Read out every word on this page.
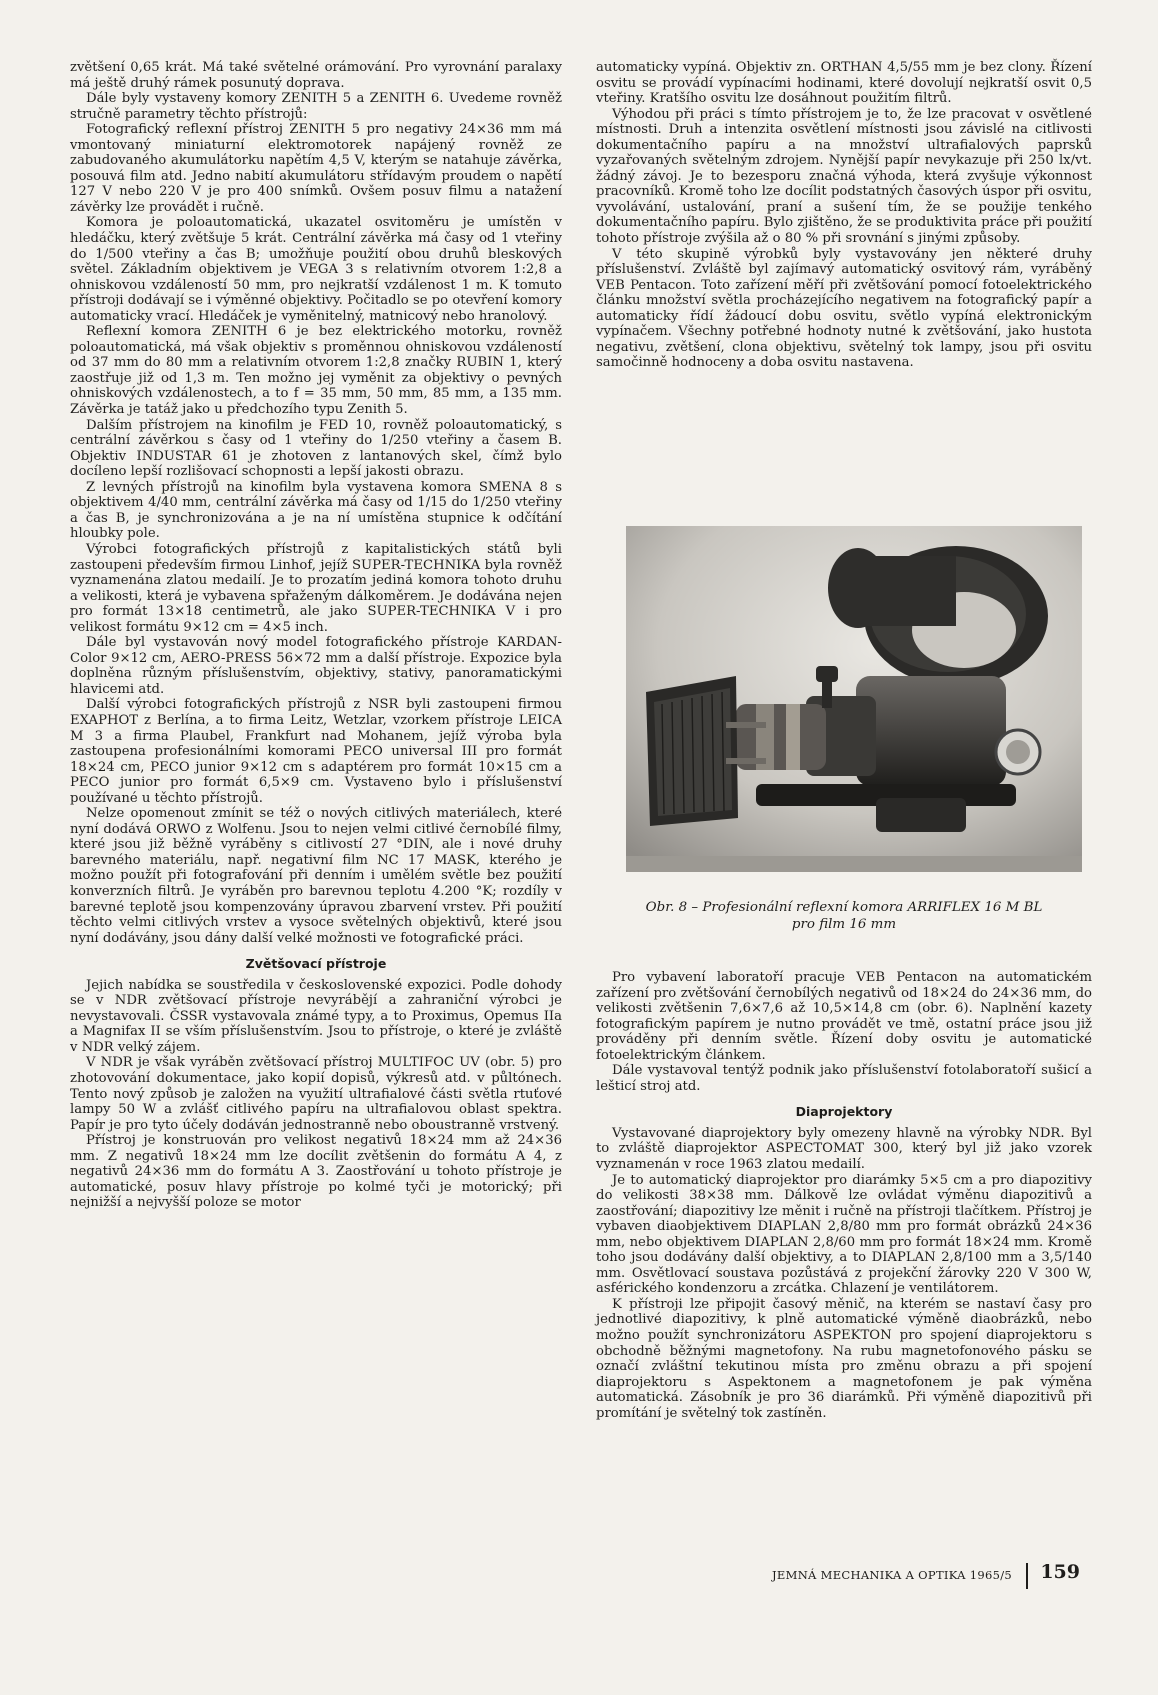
zvětšení 0,65 krát. Má také světelné orámování. Pro vyrovnání paralaxy má ještě druhý rámek posunutý doprava.

Dále byly vystaveny komory ZENITH 5 a ZENITH 6. Uvedeme rovněž stručně parametry těchto přístrojů:

Fotografický reflexní přístroj ZENITH 5 pro negativy 24×36 mm má vmontovaný miniaturní elektromotorek napájený rovněž ze zabudovaného akumulátorku napětím 4,5 V, kterým se natahuje závěrka, posouvá film atd. Jedno nabití akumulátoru střídavým proudem o napětí 127 V nebo 220 V je pro 400 snímků. Ovšem posuv filmu a natažení závěrky lze provádět i ručně.

Komora je poloautomatická, ukazatel osvitoměru je umístěn v hledáčku, který zvětšuje 5 krát. Centrální závěrka má časy od 1 vteřiny do 1/500 vteřiny a čas B; umožňuje použití obou druhů bleskových světel. Základním objektivem je VEGA 3 s relativním otvorem 1:2,8 a ohniskovou vzdáleností 50 mm, pro nejkratší vzdálenost 1 m. K tomuto přístroji dodávají se i výměnné objektivy. Počitadlo se po otevření komory automaticky vrací. Hledáček je vyměnitelný, matnicový nebo hranolový.

Reflexní komora ZENITH 6 je bez elektrického motorku, rovněž poloautomatická, má však objektiv s proměnnou ohniskovou vzdáleností od 37 mm do 80 mm a relativním otvorem 1:2,8 značky RUBIN 1, který zaostřuje již od 1,3 m. Ten možno jej vyměnit za objektivy o pevných ohniskových vzdálenostech, a to f = 35 mm, 50 mm, 85 mm, a 135 mm. Závěrka je tatáž jako u předchozího typu Zenith 5.

Dalším přístrojem na kinofilm je FED 10, rovněž poloautomatický, s centrální závěrkou s časy od 1 vteřiny do 1/250 vteřiny a časem B. Objektiv INDUSTAR 61 je zhotoven z lantanových skel, čímž bylo docíleno lepší rozlišovací schopnosti a lepší jakosti obrazu.

Z levných přístrojů na kinofilm byla vystavena komora SMENA 8 s objektivem 4/40 mm, centrální závěrka má časy od 1/15 do 1/250 vteřiny a čas B, je synchronizována a je na ní umístěna stupnice k odčítání hloubky pole.

Výrobci fotografických přístrojů z kapitalistických států byli zastoupeni především firmou Linhof, jejíž SUPER-TECHNIKA byla rovněž vyznamenána zlatou medailí. Je to prozatím jediná komora tohoto druhu a velikosti, která je vybavena spřaženým dálkoměrem. Je dodávána nejen pro formát 13×18 centimetrů, ale jako SUPER-TECHNIKA V i pro velikost formátu 9×12 cm = 4×5 inch.

Dále byl vystavován nový model fotografického přístroje KARDAN-Color 9×12 cm, AERO-PRESS 56×72 mm a další přístroje. Expozice byla doplněna různým příslušenstvím, objektivy, stativy, panoramatickými hlavicemi atd.

Další výrobci fotografických přístrojů z NSR byli zastoupeni firmou EXAPHOT z Berlína, a to firma Leitz, Wetzlar, vzorkem přístroje LEICA M 3 a firma Plaubel, Frankfurt nad Mohanem, jejíž výroba byla zastoupena profesionálními komorami PECO universal III pro formát 18×24 cm, PECO junior 9×12 cm s adaptérem pro formát 10×15 cm a PECO junior pro formát 6,5×9 cm. Vystaveno bylo i příslušenství používané u těchto přístrojů.

Nelze opomenout zmínit se též o nových citlivých materiálech, které nyní dodává ORWO z Wolfenu. Jsou to nejen velmi citlivé černobílé filmy, které jsou již běžně vyráběny s citlivostí 27 °DIN, ale i nové druhy barevného materiálu, např. negativní film NC 17 MASK, kterého je možno použít při fotografování při denním i umělém světle bez použití konverzních filtrů. Je vyráběn pro barevnou teplotu 4.200 °K; rozdíly v barevné teplotě jsou kompenzovány úpravou zbarvení vrstev. Při použití těchto velmi citlivých vrstev a vysoce světelných objektivů, které jsou nyní dodávány, jsou dány další velké možnosti ve fotografické práci.

Zvětšovací přístroje

Jejich nabídka se soustředila v československé expozici. Podle dohody se v NDR zvětšovací přístroje nevyrábějí a zahraniční výrobci je nevystavovali. ČSSR vystavovala známé typy, a to Proximus, Opemus IIa a Magnifax II se vším příslušenstvím. Jsou to přístroje, o které je zvláště v NDR velký zájem.

V NDR je však vyráběn zvětšovací přístroj MULTIFOC UV (obr. 5) pro zhotovování dokumentace, jako kopií dopisů, výkresů atd. v půltónech. Tento nový způsob je založen na využití ultrafialové části světla rtuťové lampy 50 W a zvlášť citlivého papíru na ultrafialovou oblast spektra. Papír je pro tyto účely dodáván jednostranně nebo oboustranně vrstvený.

Přístroj je konstruován pro velikost negativů 18×24 mm až 24×36 mm. Z negativů 18×24 mm lze docílit zvětšenin do formátu A 4, z negativů 24×36 mm do formátu A 3. Zaostřování u tohoto přístroje je automatické, posuv hlavy přístroje po kolmé tyči je motorický; při nejnižší a nejvyšší poloze se motor

automaticky vypíná. Objektiv zn. ORTHAN 4,5/55 mm je bez clony. Řízení osvitu se provádí vypínacími hodinami, které dovolují nejkratší osvit 0,5 vteřiny. Kratšího osvitu lze dosáhnout použitím filtrů.

Výhodou při práci s tímto přístrojem je to, že lze pracovat v osvětlené místnosti. Druh a intenzita osvětlení místnosti jsou závislé na citlivosti dokumentačního papíru a na množství ultrafialových paprsků vyzařovaných světelným zdrojem. Nynější papír nevykazuje při 250 lx/vt. žádný závoj. Je to bezesporu značná výhoda, která zvyšuje výkonnost pracovníků. Kromě toho lze docílit podstatných časových úspor při osvitu, vyvolávání, ustalování, praní a sušení tím, že se použije tenkého dokumentačního papíru. Bylo zjištěno, že se produktivita práce při použití tohoto přístroje zvýšila až o 80 % při srovnání s jinými způsoby.

V této skupině výrobků byly vystavovány jen některé druhy příslušenství. Zvláště byl zajímavý automatický osvitový rám, vyráběný VEB Pentacon. Toto zařízení měří při zvětšování pomocí fotoelektrického článku množství světla procházejícího negativem na fotografický papír a automaticky řídí žádoucí dobu osvitu, světlo vypíná elektronickým vypínačem. Všechny potřebné hodnoty nutné k zvětšování, jako hustota negativu, zvětšení, clona objektivu, světelný tok lampy, jsou při osvitu samočinně hodnoceny a doba osvitu nastavena.

Obr. 8 – Profesionální reflexní komora ARRIFLEX 16 M BL
pro film 16 mm

Pro vybavení laboratoří pracuje VEB Pentacon na automatickém zařízení pro zvětšování černobílých negativů od 18×24 do 24×36 mm, do velikosti zvětšenin 7,6×7,6 až 10,5×14,8 cm (obr. 6). Naplnění kazety fotografickým papírem je nutno provádět ve tmě, ostatní práce jsou již prováděny při denním světle. Řízení doby osvitu je automatické fotoelektrickým článkem.

Dále vystavoval tentýž podnik jako příslušenství fotolaboratoří sušicí a lešticí stroj atd.

Diaprojektory

Vystavované diaprojektory byly omezeny hlavně na výrobky NDR. Byl to zvláště diaprojektor ASPECTOMAT 300, který byl již jako vzorek vyznamenán v roce 1963 zlatou medailí.

Je to automatický diaprojektor pro diarámky 5×5 cm a pro diapozitivy do velikosti 38×38 mm. Dálkově lze ovládat výměnu diapozitivů a zaostřování; diapozitivy lze měnit i ručně na přístroji tlačítkem. Přístroj je vybaven diaobjektivem DIAPLAN 2,8/80 mm pro formát obrázků 24×36 mm, nebo objektivem DIAPLAN 2,8/60 mm pro formát 18×24 mm. Kromě toho jsou dodávány další objektivy, a to DIAPLAN 2,8/100 mm a 3,5/140 mm. Osvětlovací soustava pozůstává z projekční žárovky 220 V 300 W, asférického kondenzoru a zrcátka. Chlazení je ventilátorem.

K přístroji lze připojit časový měnič, na kterém se nastaví časy pro jednotlivé diapozitivy, k plně automatické výměně diaobrázků, nebo možno použít synchronizátoru ASPEKTON pro spojení diaprojektoru s obchodně běžnými magnetofony. Na rubu magnetofonového pásku se označí zvláštní tekutinou místa pro změnu obrazu a při spojení diaprojektoru s Aspektonem a magnetofonem je pak výměna automatická. Zásobník je pro 36 diarámků. Při výměně diapozitivů při promítání je světelný tok zastíněn.

JEMNÁ MECHANIKA A OPTIKA 1965/5 159
